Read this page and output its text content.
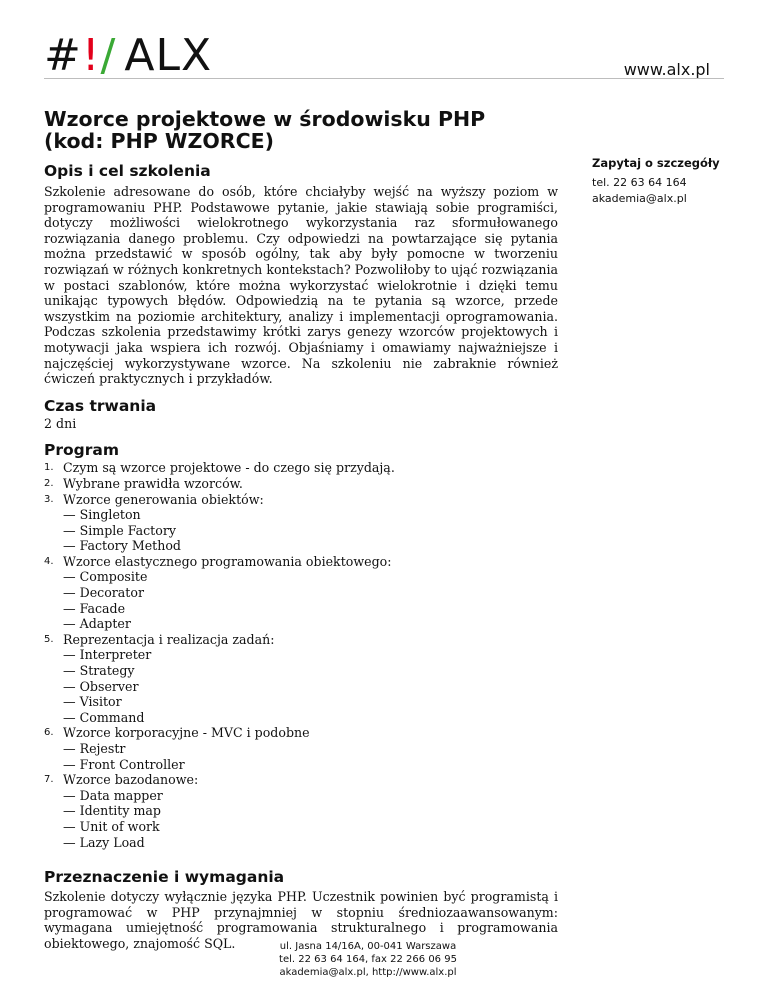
#!/ ALX	www.alx.pl
Wzorce projektowe w środowisku PHP
(kod: PHP WZORCE)
Opis i cel szkolenia

Szkolenie adresowane do osób, które chciałyby wejść na wyższy poziom w programowaniu PHP. Podstawowe pytanie, jakie stawiają sobie programiści, dotyczy możliwości wielokrotnego wykorzystania raz sformułowanego rozwiązania danego problemu. Czy odpowiedzi na powtarzające się pytania można przedstawić w sposób ogólny, tak aby były pomocne w tworzeniu rozwiązań w różnych konkretnych kontekstach? Pozwoliłoby to ująć rozwiązania w postaci szablonów, które można wykorzystać wielokrotnie i dzięki temu unikając typowych błędów. Odpowiedzią na te pytania są wzorce, przede wszystkim na poziomie architektury, analizy i implementacji oprogramowania. Podczas szkolenia przedstawimy krótki zarys genezy wzorców projektowych i motywacji jaka wspiera ich rozwój. Objaśniamy i omawiamy najważniejsze i najczęściej wykorzystywane wzorce. Na szkoleniu nie zabraknie również ćwiczeń praktycznych i przykładów.

Czas trwania

2 dni

Program
1. Czym są wzorce projektowe - do czego się przydają.
2. Wybrane prawidła wzorców.
3. Wzorce generowania obiektów:
— Singleton
— Simple Factory
— Factory Method
4. Wzorce elastycznego programowania obiektowego:
— Composite
— Decorator
— Facade
— Adapter
5. Reprezentacja i realizacja zadań:
— Interpreter
— Strategy
— Observer
— Visitor
— Command
6. Wzorce korporacyjne - MVC i podobne
— Rejestr
— Front Controller
7. Wzorce bazodanowe:
— Data mapper
— Identity map
— Unit of work
— Lazy Load
Przeznaczenie i wymagania

Szkolenie dotyczy wyłącznie języka PHP. Uczestnik powinien być programistą i programować w PHP przynajmniej w stopniu średniozaawansowanym: wymagana umiejętność programowania strukturalnego i programowania obiektowego, znajomość SQL.

Zapytaj o szczegóły

tel. 22 63 64 164

akademia@alx.pl

ul. Jasna 14/16A, 00-041 Warszawa
tel. 22 63 64 164, fax 22 266 06 95
akademia@alx.pl, http://www.alx.pl
